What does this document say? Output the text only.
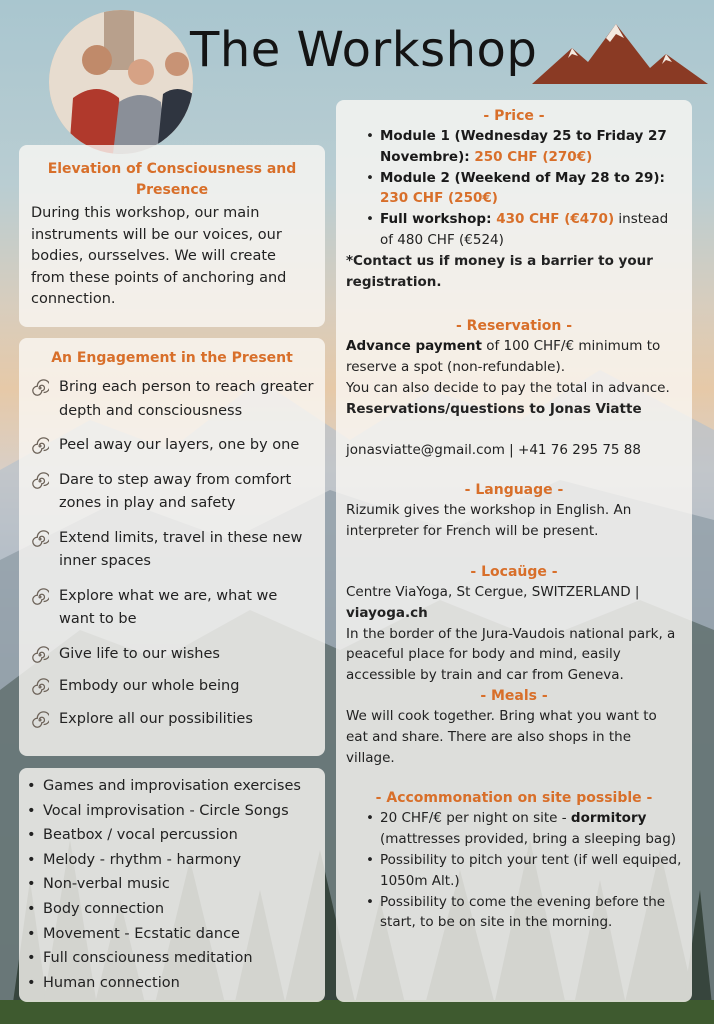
The Workshop
Elevation of Consciousness and Presence
During this workshop, our main instruments will be our voices, our bodies, oursselves. We will create from these points of anchoring and connection.
An Engagement in the Present
Bring each person to reach greater depth and consciousness
Peel away our layers, one by one
Dare to step away from comfort zones in play and safety
Extend limits, travel in these new inner spaces
Explore what we are, what we want to be
Give life to our wishes
Embody our whole being
Explore all our possibilities
• Games and improvisation exercises
• Vocal improvisation - Circle Songs
• Beatbox / vocal percussion
• Melody - rhythm - harmony
• Non-verbal music
• Body connection
• Movement - Ecstatic dance
• Full consciouness meditation
• Human connection
- Price -
• Module 1 (Wednesday 25 to Friday 27 Novembre): 250 CHF (270€)
• Module 2 (Weekend of May 28 to 29): 230 CHF (250€)
• Full workshop: 430 CHF (€470) instead of 480 CHF (€524)
*Contact us if money is a barrier to your registration.
- Reservation -
Advance payment of 100 CHF/€ minimum to reserve a spot (non-refundable).
You can also decide to pay the total in advance.
Reservations/questions to Jonas Viatte
jonasviatte@gmail.com | +41 76 295 75 88
- Language -
Rizumik gives the workshop in English. An interpreter for French will be present.
- Locaüge -
Centre ViaYoga, St Cergue, SWITZERLAND |
viayoga.ch
In the border of the Jura-Vaudois national park, a peaceful place for body and mind, easily accessible by train and car from Geneva.
- Meals -
We will cook together. Bring what you want to eat and share. There are also shops in the village.
- Accommonation on site possible -
• 20 CHF/€ per night on site - dormitory (mattresses provided, bring a sleeping bag)
• Possibility to pitch your tent (if well equiped, 1050m Alt.)
• Possibility to come the evening before the start, to be on site in the morning.
